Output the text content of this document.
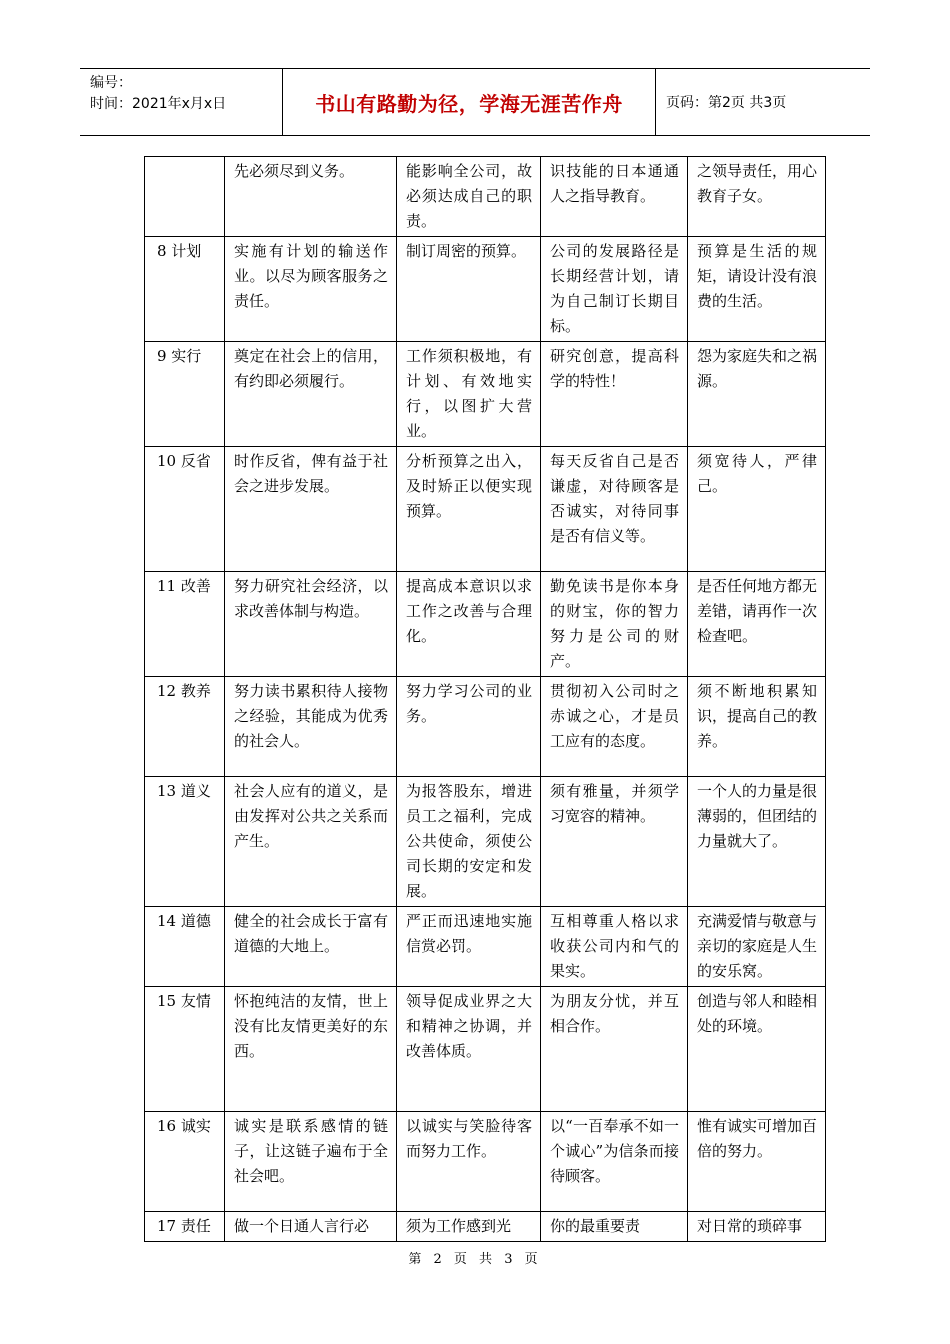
编号：
时间：2021年x月x日	书山有路勤为径，学海无涯苦作舟	页码：第2页 共3页
	先必须尽到义务。	能影响全公司，故必须达成自己的职责。	识技能的日本通通人之指导教育。	之领导责任，用心教育子女。
8 计划	实施有计划的输送作业。以尽为顾客服务之责任。	制订周密的预算。	公司的发展路径是长期经营计划，请为自己制订长期目标。	预算是生活的规矩，请设计没有浪费的生活。
9 实行	奠定在社会上的信用，有约即必须履行。	工作须积极地，有计划、有效地实行，以图扩大营业。	研究创意，提高科学的特性！	怨为家庭失和之祸源。
10 反省	时作反省，俾有益于社会之进步发展。	分析预算之出入，及时矫正以便实现预算。	每天反省自己是否谦虚，对待顾客是否诚实，对待同事是否有信义等。	须宽待人，严律己。
11 改善	努力研究社会经济，以求改善体制与构造。	提高成本意识以求工作之改善与合理化。	勤免读书是你本身的财宝，你的智力努力是公司的财产。	是否任何地方都无差错，请再作一次检查吧。
12 教养	努力读书累积待人接物之经验，其能成为优秀的社会人。	努力学习公司的业务。	贯彻初入公司时之赤诚之心，才是员工应有的态度。	须不断地积累知识，提高自己的教养。
13 道义	社会人应有的道义，是由发挥对公共之关系而产生。	为报答股东，增进员工之福利，完成公共使命，须使公司长期的安定和发展。	须有雅量，并须学习宽容的精神。	一个人的力量是很薄弱的，但团结的力量就大了。
14 道德	健全的社会成长于富有道德的大地上。	严正而迅速地实施信赏必罚。	互相尊重人格以求收获公司内和气的果实。	充满爱情与敬意与亲切的家庭是人生的安乐窝。
15 友情	怀抱纯洁的友情，世上没有比友情更美好的东西。	领导促成业界之大和精神之协调，并改善体质。	为朋友分忧，并互相合作。	创造与邻人和睦相处的环境。
16 诚实	诚实是联系感情的链子，让这链子遍布于全社会吧。	以诚实与笑脸待客而努力工作。	以“一百奉承不如一个诚心”为信条而接待顾客。	惟有诚实可增加百倍的努力。
17 责任	做一个日通人言行必	须为工作感到光	你的最重要责	对日常的琐碎事
第 2 页 共 3 页
